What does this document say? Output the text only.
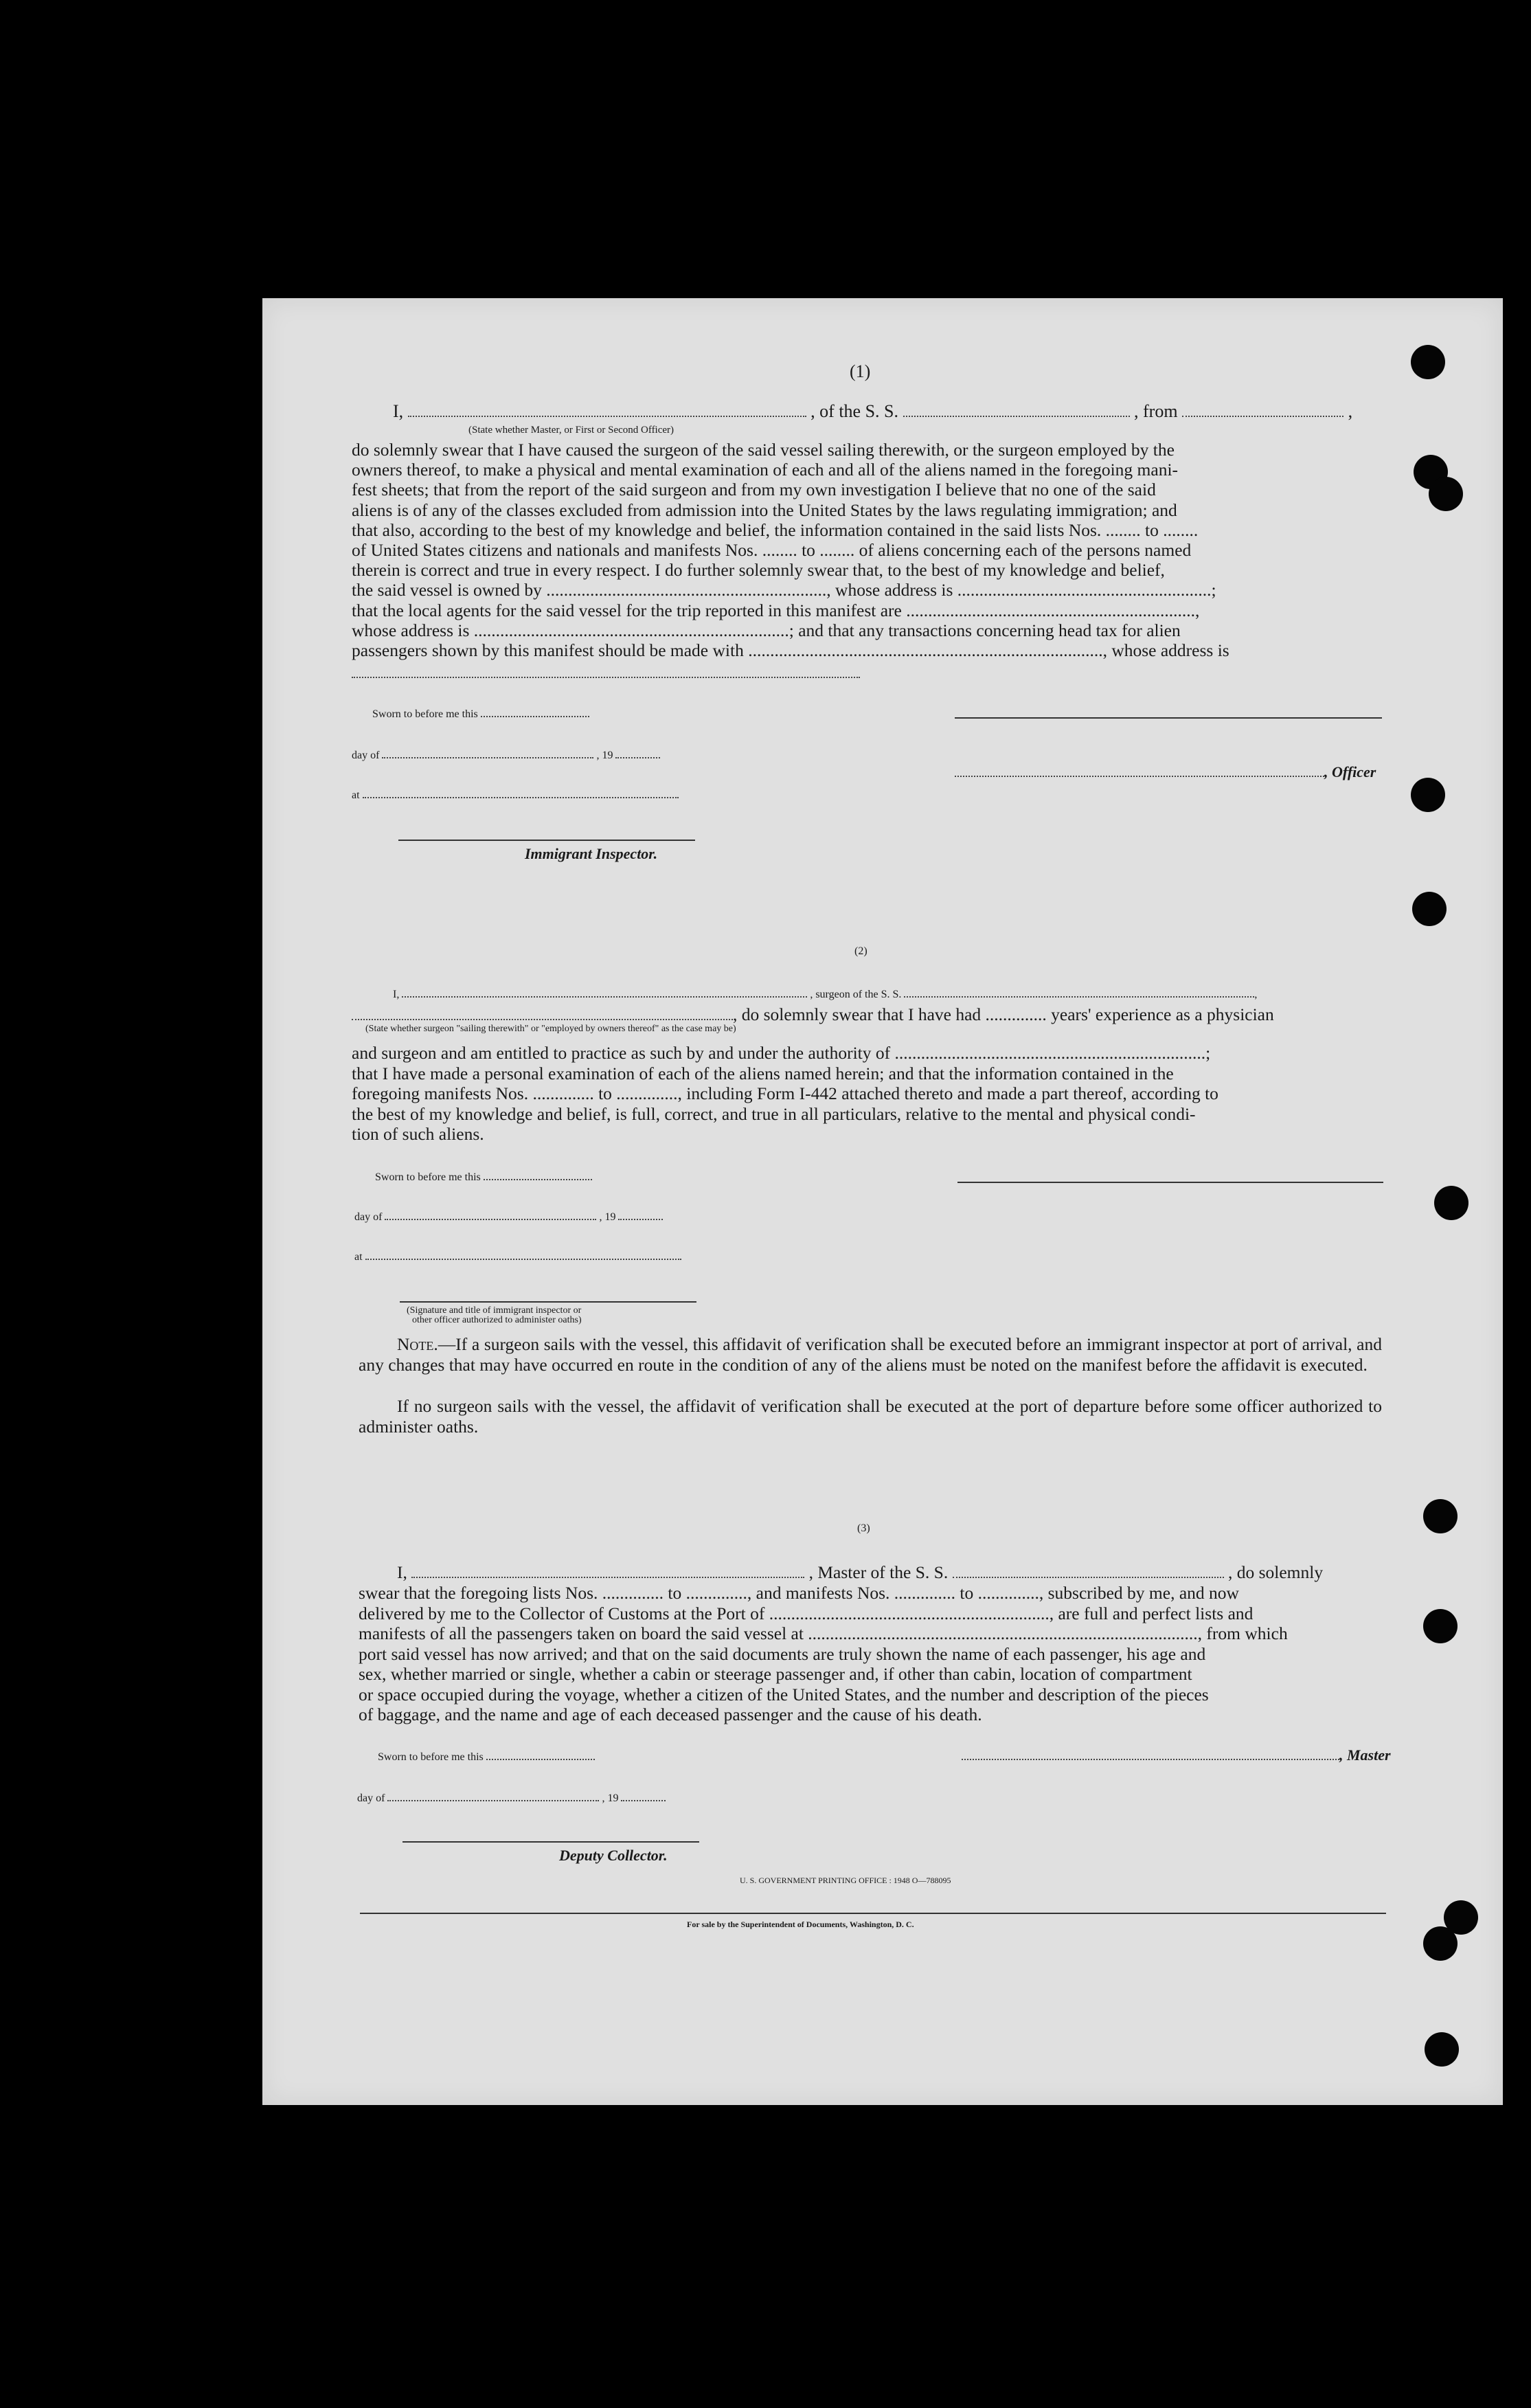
(1)
I,	, of the S. S.	, from	,
(State whether Master, or First or Second Officer)
do solemnly swear that I have caused the surgeon of the said vessel sailing therewith, or the surgeon employed by the
owners thereof, to make a physical and mental examination of each and all of the aliens named in the foregoing mani-
fest sheets; that from the report of the said surgeon and from my own investigation I believe that no one of the said
aliens is of any of the classes excluded from admission into the United States by the laws regulating immigration; and
that also, according to the best of my knowledge and belief, the information contained in the said lists Nos. ........ to ........
of United States citizens and nationals and manifests Nos. ........ to ........ of aliens concerning each of the persons named
therein is correct and true in every respect. I do further solemnly swear that, to the best of my knowledge and belief,
the said vessel is owned by ................................................................, whose address is ..........................................................;
that the local agents for the said vessel for the trip reported in this manifest are ..................................................................,
whose address is ........................................................................; and that any transactions concerning head tax for alien
passengers shown by this manifest should be made with ................................................................................., whose address is
Sworn to before me this
day of	, 19
, Officer
at
Immigrant Inspector.
(2)
I,	, surgeon of the S. S.	,
, do solemnly swear that I have had .............. years' experience as a physician
(State whether surgeon "sailing therewith" or "employed by owners thereof" as the case may be)
and surgeon and am entitled to practice as such by and under the authority of .......................................................................;
that I have made a personal examination of each of the aliens named herein; and that the information contained in the
foregoing manifests Nos. .............. to .............., including Form I-442 attached thereto and made a part thereof, according to
the best of my knowledge and belief, is full, correct, and true in all particulars, relative to the mental and physical condi-
tion of such aliens.
Sworn to before me this
day of	, 19
at
(Signature and title of immigrant inspector or
other officer authorized to administer oaths)
Note.—If a surgeon sails with the vessel, this affidavit of verification shall be executed before an immigrant inspector at port of arrival, and any changes that may have occurred en route in the condition of any of the aliens must be noted on the manifest before the affidavit is executed.
If no surgeon sails with the vessel, the affidavit of verification shall be executed at the port of departure before some officer authorized to administer oaths.
(3)
I,	, Master of the S. S.	, do solemnly
swear that the foregoing lists Nos. .............. to .............., and manifests Nos. .............. to .............., subscribed by me, and now
delivered by me to the Collector of Customs at the Port of ................................................................, are full and perfect lists and
manifests of all the passengers taken on board the said vessel at ........................................................................................., from which
port said vessel has now arrived; and that on the said documents are truly shown the name of each passenger, his age and
sex, whether married or single, whether a cabin or steerage passenger and, if other than cabin, location of compartment
or space occupied during the voyage, whether a citizen of the United States, and the number and description of the pieces
of baggage, and the name and age of each deceased passenger and the cause of his death.
Sworn to before me this	, Master
day of	, 19
Deputy Collector.
U. S. GOVERNMENT PRINTING OFFICE : 1948 O—788095
For sale by the Superintendent of Documents, Washington, D. C.
